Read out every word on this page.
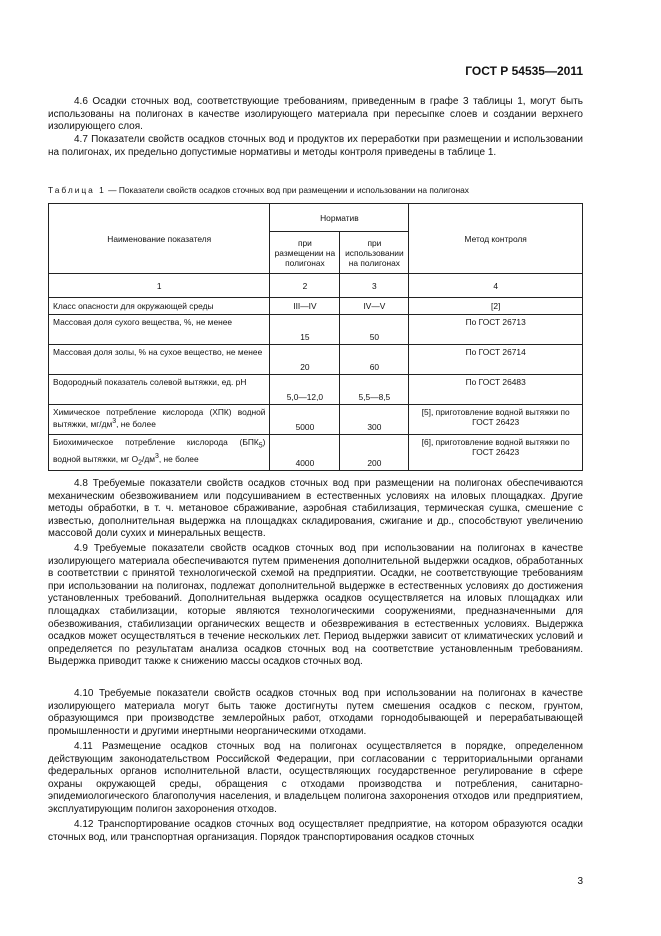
ГОСТ Р 54535—2011
4.6 Осадки сточных вод, соответствующие требованиям, приведенным в графе 3 таблицы 1, могут быть использованы на полигонах в качестве изолирующего материала при пересыпке слоев и создании верхнего изолирующего слоя.
4.7 Показатели свойств осадков сточных вод и продуктов их переработки при размещении и использовании на полигонах, их предельно допустимые нормативы и методы контроля приведены в таблице 1.
Таблица 1 — Показатели свойств осадков сточных вод при размещении и использовании на полигонах
Наименование показателя	Норматив		Метод контроля
	при размещении на полигонах	при использовании на полигонах	
1	2	3	4
Класс опасности для окружающей среды	III—IV	IV—V	[2]
Массовая доля сухого вещества, %, не менее	15	50	По ГОСТ 26713
Массовая доля золы, % на сухое вещество, не менее	20	60	По ГОСТ 26714
Водородный показатель солевой вытяжки, ед. pH	5,0—12,0	5,5—8,5	По ГОСТ 26483
Химическое потребление кислорода (ХПК) водной вытяжки, $мг/дм^3$, не более	5000	300	[5], приготовление водной вытяжки по ГОСТ 26423
Биохимическое потребление кислорода $(БПК_5)$ водной вытяжки, мг $О_2/дм^3$, не более	4000	200	[6], приготовление водной вытяжки по ГОСТ 26423
4.8 Требуемые показатели свойств осадков сточных вод при размещении на полигонах обеспечиваются механическим обезвоживанием или подсушиванием в естественных условиях на иловых площадках. Другие методы обработки, в т. ч. метановое сбраживание, аэробная стабилизация, термическая сушка, смешение с известью, дополнительная выдержка на площадках складирования, сжигание и др., способствуют увеличению массовой доли сухих и минеральных веществ.
4.9 Требуемые показатели свойств осадков сточных вод при использовании на полигонах в качестве изолирующего материала обеспечиваются путем применения дополнительной выдержки осадков, обработанных в соответствии с принятой технологической схемой на предприятии. Осадки, не соответствующие требованиям при использовании на полигонах, подлежат дополнительной выдержке в естественных условиях до достижения установленных требований. Дополнительная выдержка осадков осуществляется на иловых площадках или площадках стабилизации, которые являются технологическими сооружениями, предназначенными для обезвоживания, стабилизации органических веществ и обезвреживания в естественных условиях. Выдержка осадков может осуществляться в течение нескольких лет. Период выдержки зависит от климатических условий и определяется по результатам анализа осадков сточных вод на соответствие установленным требованиям. Выдержка приводит также к снижению массы осадков сточных вод.
4.10 Требуемые показатели свойств осадков сточных вод при использовании на полигонах в качестве изолирующего материала могут быть также достигнуты путем смешения осадков с песком, грунтом, образующимся при производстве землеройных работ, отходами горнодобывающей и перерабатывающей промышленности и другими инертными неорганическими отходами.
4.11 Размещение осадков сточных вод на полигонах осуществляется в порядке, определенном действующим законодательством Российской Федерации, при согласовании с территориальными органами федеральных органов исполнительной власти, осуществляющих государственное регулирование в сфере охраны окружающей среды, обращения с отходами производства и потребления, санитарно-эпидемиологического благополучия населения, и владельцем полигона захоронения отходов или предприятием, эксплуатирующим полигон захоронения отходов.
4.12 Транспортирование осадков сточных вод осуществляет предприятие, на котором образуются осадки сточных вод, или транспортная организация. Порядок транспортирования осадков сточных
3
